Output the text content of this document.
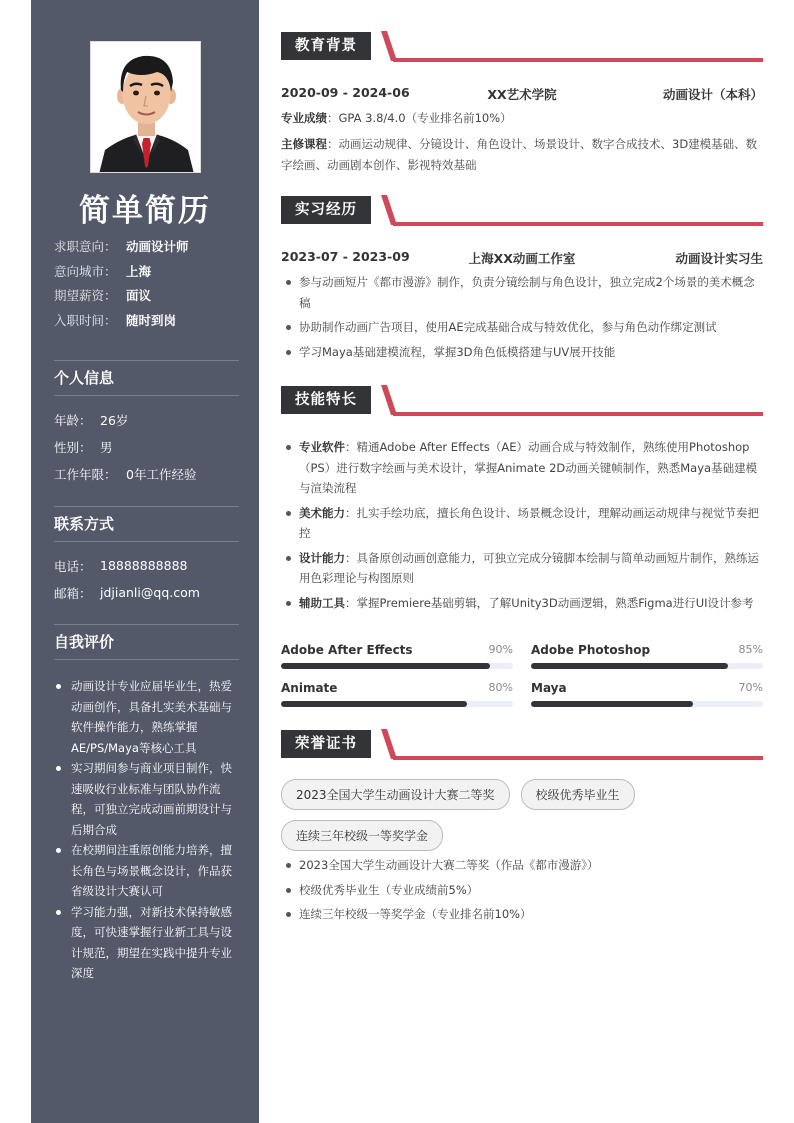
简单简历
求职意向： 动画设计师
意向城市： 上海
期望薪资： 面议
入职时间： 随时到岗
个人信息
年龄： 26岁
性别： 男
工作年限： 0年工作经验
联系方式
电话： 18888888888
邮箱： jdjianli@qq.com
自我评价
动画设计专业应届毕业生，热爱动画创作，具备扎实美术基础与软件操作能力，熟练掌握AE/PS/Maya等核心工具
实习期间参与商业项目制作，快速吸收行业标准与团队协作流程，可独立完成动画前期设计与后期合成
在校期间注重原创能力培养，擅长角色与场景概念设计，作品获省级设计大赛认可
学习能力强，对新技术保持敏感度，可快速掌握行业新工具与设计规范，期望在实践中提升专业深度
教育背景
2020-09 - 2024-06	XX艺术学院	动画设计（本科）
专业成绩：GPA 3.8/4.0（专业排名前10%）
主修课程：动画运动规律、分镜设计、角色设计、场景设计、数字合成技术、3D建模基础、数字绘画、动画剧本创作、影视特效基础
实习经历
2023-07 - 2023-09	上海XX动画工作室	动画设计实习生
参与动画短片《都市漫游》制作，负责分镜绘制与角色设计，独立完成2个场景的美术概念稿
协助制作动画广告项目，使用AE完成基础合成与特效优化，参与角色动作绑定测试
学习Maya基础建模流程，掌握3D角色低模搭建与UV展开技能
技能特长
专业软件：精通Adobe After Effects（AE）动画合成与特效制作，熟练使用Photoshop（PS）进行数字绘画与美术设计，掌握Animate 2D动画关键帧制作，熟悉Maya基础建模与渲染流程
美术能力：扎实手绘功底，擅长角色设计、场景概念设计，理解动画运动规律与视觉节奏把控
设计能力：具备原创动画创意能力，可独立完成分镜脚本绘制与简单动画短片制作，熟练运用色彩理论与构图原则
辅助工具：掌握Premiere基础剪辑，了解Unity3D动画逻辑，熟悉Figma进行UI设计参考
Adobe After Effects	90% Adobe Photoshop	85%
Animate	80% Maya	70%
荣誉证书
2023全国大学生动画设计大赛二等奖	校级优秀毕业生
连续三年校级一等奖学金
2023全国大学生动画设计大赛二等奖（作品《都市漫游》）
校级优秀毕业生（专业成绩前5%）
连续三年校级一等奖学金（专业排名前10%）
